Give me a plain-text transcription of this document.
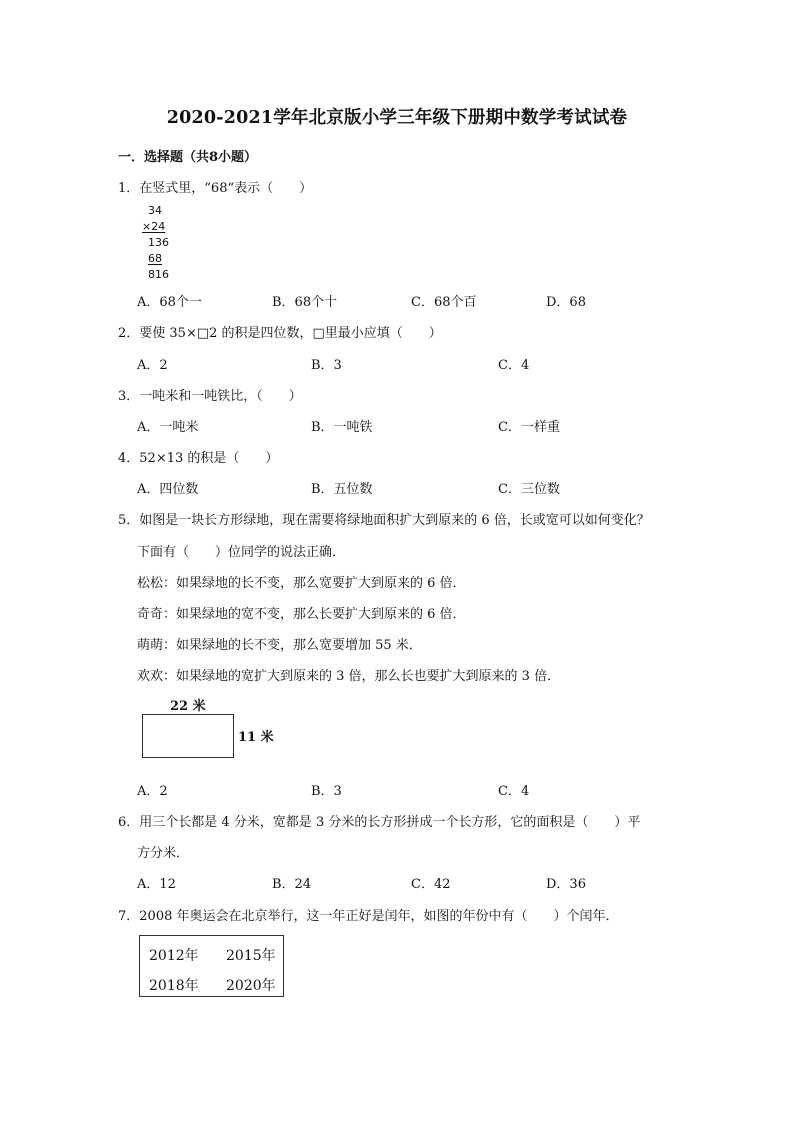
2020-2021学年北京版小学三年级下册期中数学考试试卷
一．选择题（共8小题）
1．在竖式里，“68“表示（　　）
34
×24
136
68
816
A．68个一	B．68个十	C．68个百	D．68
2．要使 35×□2 的积是四位数，□里最小应填（　　）
A．2	B．3	C．4
3．一吨米和一吨铁比，（　　）
A．一吨米	B．一吨铁	C．一样重
4．52×13 的积是（　　）
A．四位数	B．五位数	C．三位数
5．如图是一块长方形绿地，现在需要将绿地面积扩大到原来的 6 倍，长或宽可以如何变化？
下面有（　　）位同学的说法正确．
松松：如果绿地的长不变，那么宽要扩大到原来的 6 倍．
奇奇：如果绿地的宽不变，那么长要扩大到原来的 6 倍．
萌萌：如果绿地的长不变，那么宽要增加 55 米．
欢欢：如果绿地的宽扩大到原来的 3 倍，那么长也要扩大到原来的 3 倍．
22 米
11 米
A．2	B．3	C．4
6．用三个长都是 4 分米，宽都是 3 分米的长方形拼成一个长方形，它的面积是（　　）平
方分米．
A．12	B．24	C．42	D．36
7．2008 年奥运会在北京举行，这一年正好是闰年，如图的年份中有（　　）个闰年．
2012年 2015年
2018年 2020年
